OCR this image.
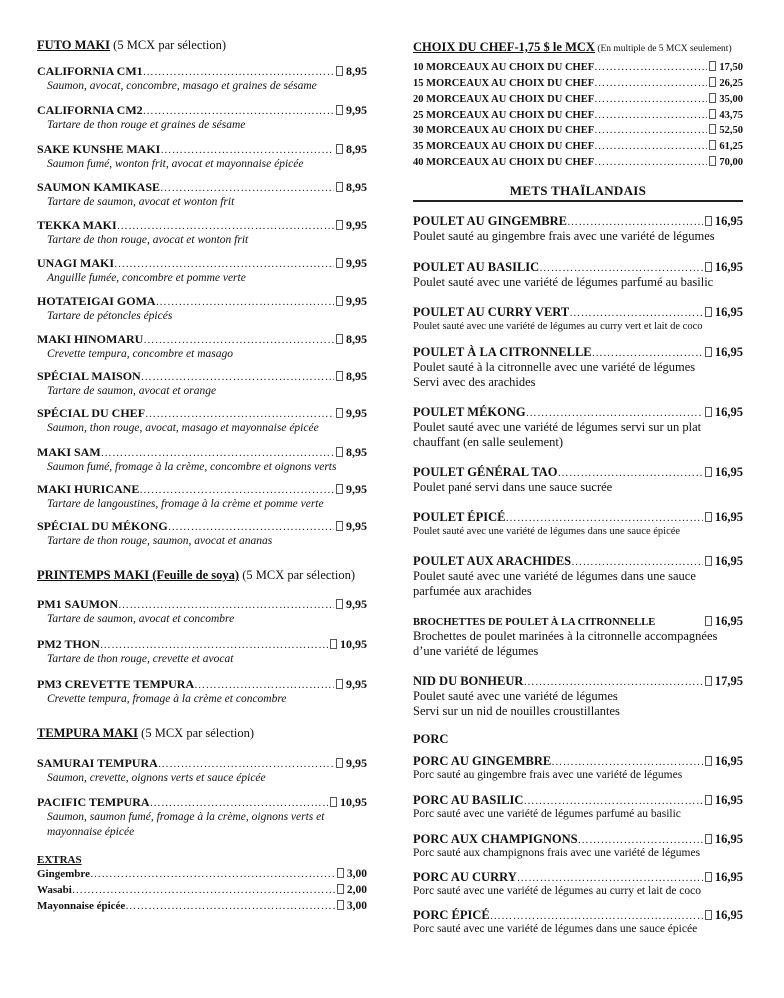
FUTO MAKI (5 MCX par sélection)
CALIFORNIA CM1 …………………………………………………………………………………………………………………………………………………………………	8,95
Saumon, avocat, concombre, masago et graines de sésame
CALIFORNIA CM2 …………………………………………………………………………………………………………………………………………………………………	9,95
Tartare de thon rouge et graines de sésame
SAKE KUNSHE MAKI …………………………………………………………………………………………………………………………………………………………………	8,95
Saumon fumé, wonton frit, avocat et mayonnaise épicée
SAUMON KAMIKASE …………………………………………………………………………………………………………………………………………………………………	8,95
Tartare de saumon, avocat et wonton frit
TEKKA MAKI …………………………………………………………………………………………………………………………………………………………………	9,95
Tartare de thon rouge, avocat et wonton frit
UNAGI MAKI …………………………………………………………………………………………………………………………………………………………………	9,95
Anguille fumée, concombre et pomme verte
HOTATEIGAI GOMA …………………………………………………………………………………………………………………………………………………………………	9,95
Tartare de pétoncles épicés
MAKI HINOMARU …………………………………………………………………………………………………………………………………………………………………	8,95
Crevette tempura, concombre et masago
SPÉCIAL MAISON …………………………………………………………………………………………………………………………………………………………………	8,95
Tartare de saumon, avocat et orange
SPÉCIAL DU CHEF …………………………………………………………………………………………………………………………………………………………………	9,95
Saumon, thon rouge, avocat, masago et mayonnaise épicée
MAKI SAM …………………………………………………………………………………………………………………………………………………………………	8,95
Saumon fumé, fromage à la crème, concombre et oignons verts
MAKI HURICANE …………………………………………………………………………………………………………………………………………………………………	9,95
Tartare de langoustines, fromage à la crème et pomme verte
SPÉCIAL DU MÉKONG …………………………………………………………………………………………………………………………………………………………………	9,95
Tartare de thon rouge, saumon, avocat et ananas
PRINTEMPS MAKI (Feuille de soya) (5 MCX par sélection)
PM1 SAUMON …………………………………………………………………………………………………………………………………………………………………	9,95
Tartare de saumon, avocat et concombre
PM2 THON …………………………………………………………………………………………………………………………………………………………………	10,95
Tartare de thon rouge, crevette et avocat
PM3 CREVETTE TEMPURA …………………………………………………………………………………………………………………………………………………………………	9,95
Crevette tempura, fromage à la crème et concombre
TEMPURA MAKI (5 MCX par sélection)
SAMURAI TEMPURA …………………………………………………………………………………………………………………………………………………………………	9,95
Saumon, crevette, oignons verts et sauce épicée
PACIFIC TEMPURA …………………………………………………………………………………………………………………………………………………………………	10,95
Saumon, saumon fumé, fromage à la crème, oignons verts et mayonnaise épicée
EXTRAS
Gingembre …………………………………………………………………………………………………………………………………………………………………	3,00
Wasabi …………………………………………………………………………………………………………………………………………………………………	2,00
Mayonnaise épicée …………………………………………………………………………………………………………………………………………………………………	3,00
CHOIX DU CHEF-1,75 $ le MCX (En multiple de 5 MCX seulement)
10 MORCEAUX AU CHOIX DU CHEF …………………………………………………………………………………………………………………………………………………………………	17,50
15 MORCEAUX AU CHOIX DU CHEF …………………………………………………………………………………………………………………………………………………………………	26,25
20 MORCEAUX AU CHOIX DU CHEF …………………………………………………………………………………………………………………………………………………………………	35,00
25 MORCEAUX AU CHOIX DU CHEF …………………………………………………………………………………………………………………………………………………………………	43,75
30 MORCEAUX AU CHOIX DU CHEF …………………………………………………………………………………………………………………………………………………………………	52,50
35 MORCEAUX AU CHOIX DU CHEF …………………………………………………………………………………………………………………………………………………………………	61,25
40 MORCEAUX AU CHOIX DU CHEF …………………………………………………………………………………………………………………………………………………………………	70,00
METS THAÏLANDAIS
POULET AU GINGEMBRE …………………………………………………………………………………………………………………………………………………………………	16,95
Poulet sauté au gingembre frais avec une variété de légumes
POULET AU BASILIC …………………………………………………………………………………………………………………………………………………………………	16,95
Poulet sauté avec une variété de légumes parfumé au basilic
POULET AU CURRY VERT …………………………………………………………………………………………………………………………………………………………………	16,95
Poulet sauté avec une variété de légumes au curry vert et lait de coco
POULET À LA CITRONNELLE …………………………………………………………………………………………………………………………………………………………………	16,95
Poulet sauté à la citronnelle avec une variété de légumes
Servi avec des arachides
POULET MÉKONG …………………………………………………………………………………………………………………………………………………………………	16,95
Poulet sauté avec une variété de légumes servi sur un plat
chauffant (en salle seulement)
POULET GÉNÉRAL TAO …………………………………………………………………………………………………………………………………………………………………	16,95
Poulet pané servi dans une sauce sucrée
POULET ÉPICÉ …………………………………………………………………………………………………………………………………………………………………	16,95
Poulet sauté avec une variété de légumes dans une sauce épicée
POULET AUX ARACHIDES …………………………………………………………………………………………………………………………………………………………………	16,95
Poulet sauté avec une variété de légumes dans une sauce
parfumée aux arachides
BROCHETTES DE POULET À LA CITRONNELLE	16,95
Brochettes de poulet marinées à la citronnelle accompagnées
d’une variété de légumes
NID DU BONHEUR …………………………………………………………………………………………………………………………………………………………………	17,95
Poulet sauté avec une variété de légumes
Servi sur un nid de nouilles croustillantes
PORC
PORC AU GINGEMBRE …………………………………………………………………………………………………………………………………………………………………	16,95
Porc sauté au gingembre frais avec une variété de légumes
PORC AU BASILIC …………………………………………………………………………………………………………………………………………………………………	16,95
Porc sauté avec une variété de légumes parfumé au basilic
PORC AUX CHAMPIGNONS …………………………………………………………………………………………………………………………………………………………………	16,95
Porc sauté aux champignons frais avec une variété de légumes
PORC AU CURRY …………………………………………………………………………………………………………………………………………………………………	16,95
Porc sauté avec une variété de légumes au curry et lait de coco
PORC ÉPICÉ …………………………………………………………………………………………………………………………………………………………………	16,95
Porc sauté avec une variété de légumes dans une sauce épicée
